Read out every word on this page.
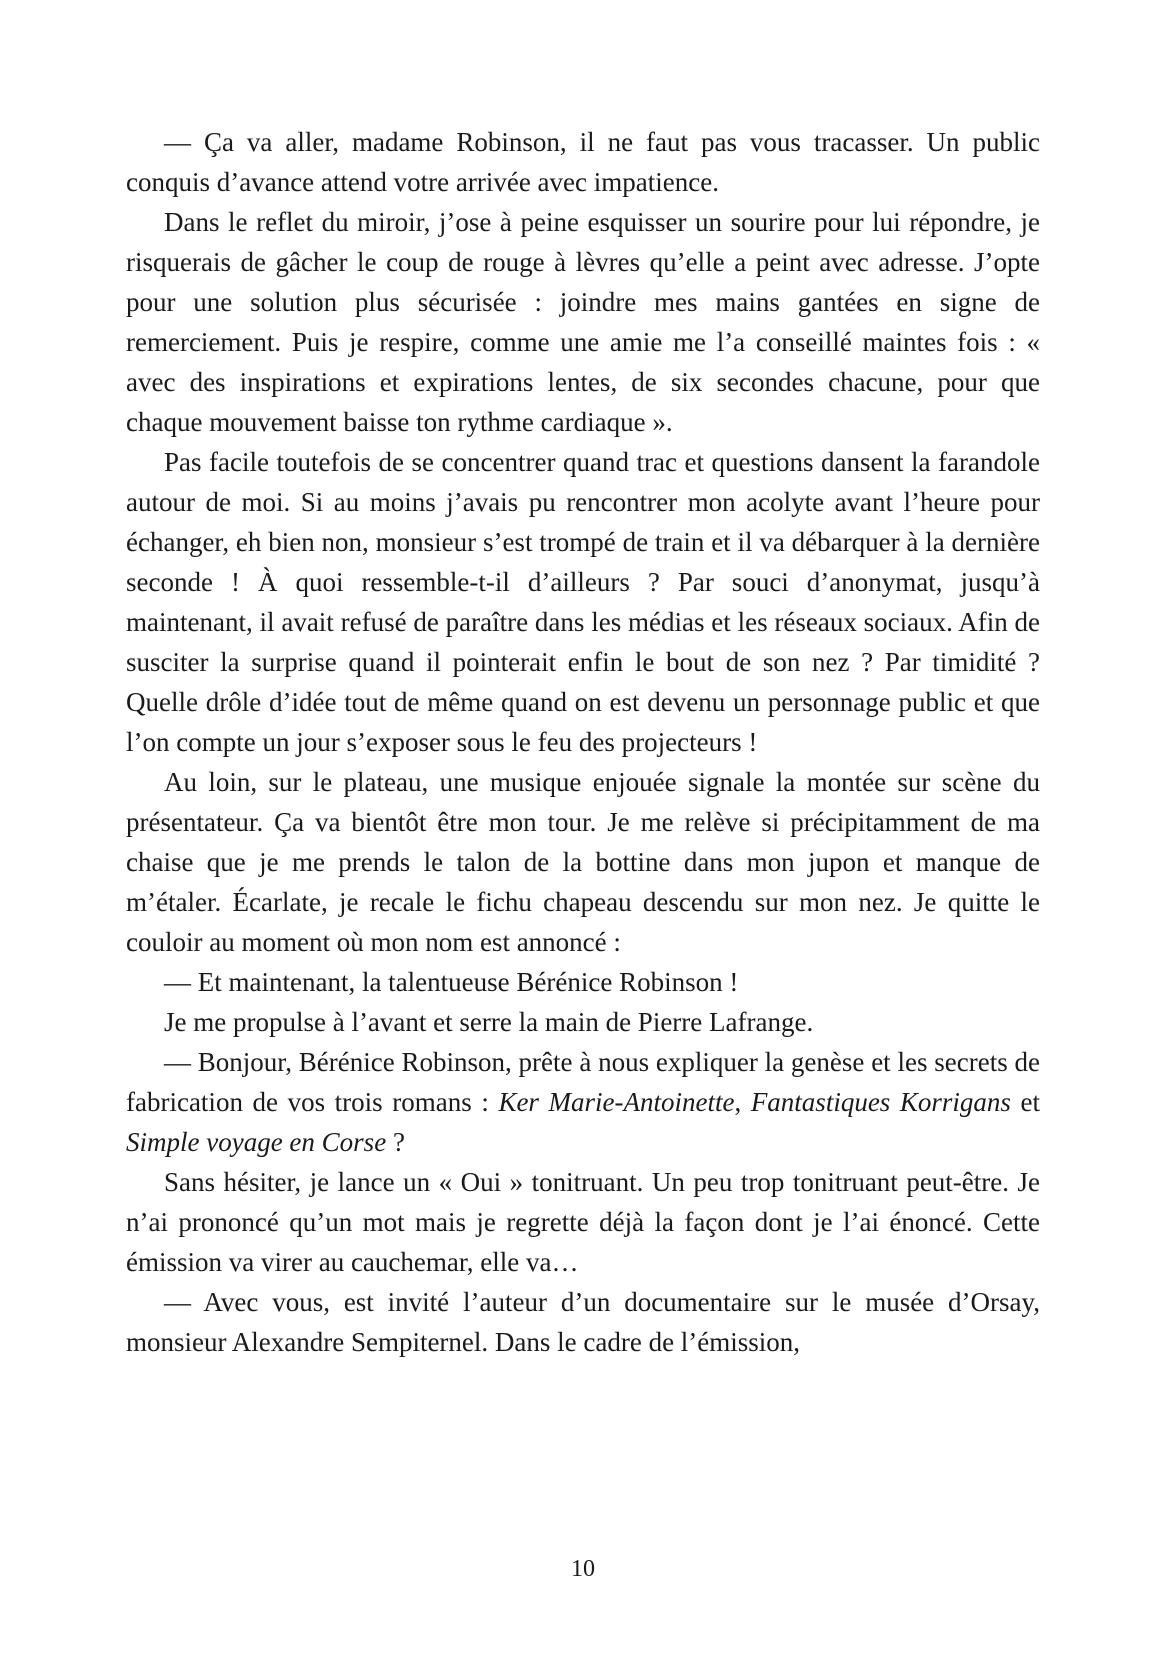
— Ça va aller, madame Robinson, il ne faut pas vous tracasser. Un public conquis d’avance attend votre arrivée avec impatience.

Dans le reflet du miroir, j’ose à peine esquisser un sourire pour lui répondre, je risquerais de gâcher le coup de rouge à lèvres qu’elle a peint avec adresse. J’opte pour une solution plus sécurisée : joindre mes mains gantées en signe de remerciement. Puis je respire, comme une amie me l’a conseillé maintes fois : « avec des inspirations et expirations lentes, de six secondes chacune, pour que chaque mouvement baisse ton rythme cardiaque ».

Pas facile toutefois de se concentrer quand trac et questions dansent la farandole autour de moi. Si au moins j’avais pu rencontrer mon acolyte avant l’heure pour échanger, eh bien non, monsieur s’est trompé de train et il va débarquer à la dernière seconde ! À quoi ressemble-t-il d’ailleurs ? Par souci d’anonymat, jusqu’à maintenant, il avait refusé de paraître dans les médias et les réseaux sociaux. Afin de susciter la surprise quand il pointerait enfin le bout de son nez ? Par timidité ? Quelle drôle d’idée tout de même quand on est devenu un personnage public et que l’on compte un jour s’exposer sous le feu des projecteurs !

Au loin, sur le plateau, une musique enjouée signale la montée sur scène du présentateur. Ça va bientôt être mon tour. Je me relève si précipitamment de ma chaise que je me prends le talon de la bottine dans mon jupon et manque de m’étaler. Écarlate, je recale le fichu chapeau descendu sur mon nez. Je quitte le couloir au moment où mon nom est annoncé :

— Et maintenant, la talentueuse Bérénice Robinson !

Je me propulse à l’avant et serre la main de Pierre Lafrange.

— Bonjour, Bérénice Robinson, prête à nous expliquer la genèse et les secrets de fabrication de vos trois romans : Ker Marie-Antoinette, Fantastiques Korrigans et Simple voyage en Corse ?

Sans hésiter, je lance un « Oui » tonitruant. Un peu trop tonitruant peut-être. Je n’ai prononcé qu’un mot mais je regrette déjà la façon dont je l’ai énoncé. Cette émission va virer au cauchemar, elle va…

— Avec vous, est invité l’auteur d’un documentaire sur le musée d’Orsay, monsieur Alexandre Sempiternel. Dans le cadre de l’émission,

10
